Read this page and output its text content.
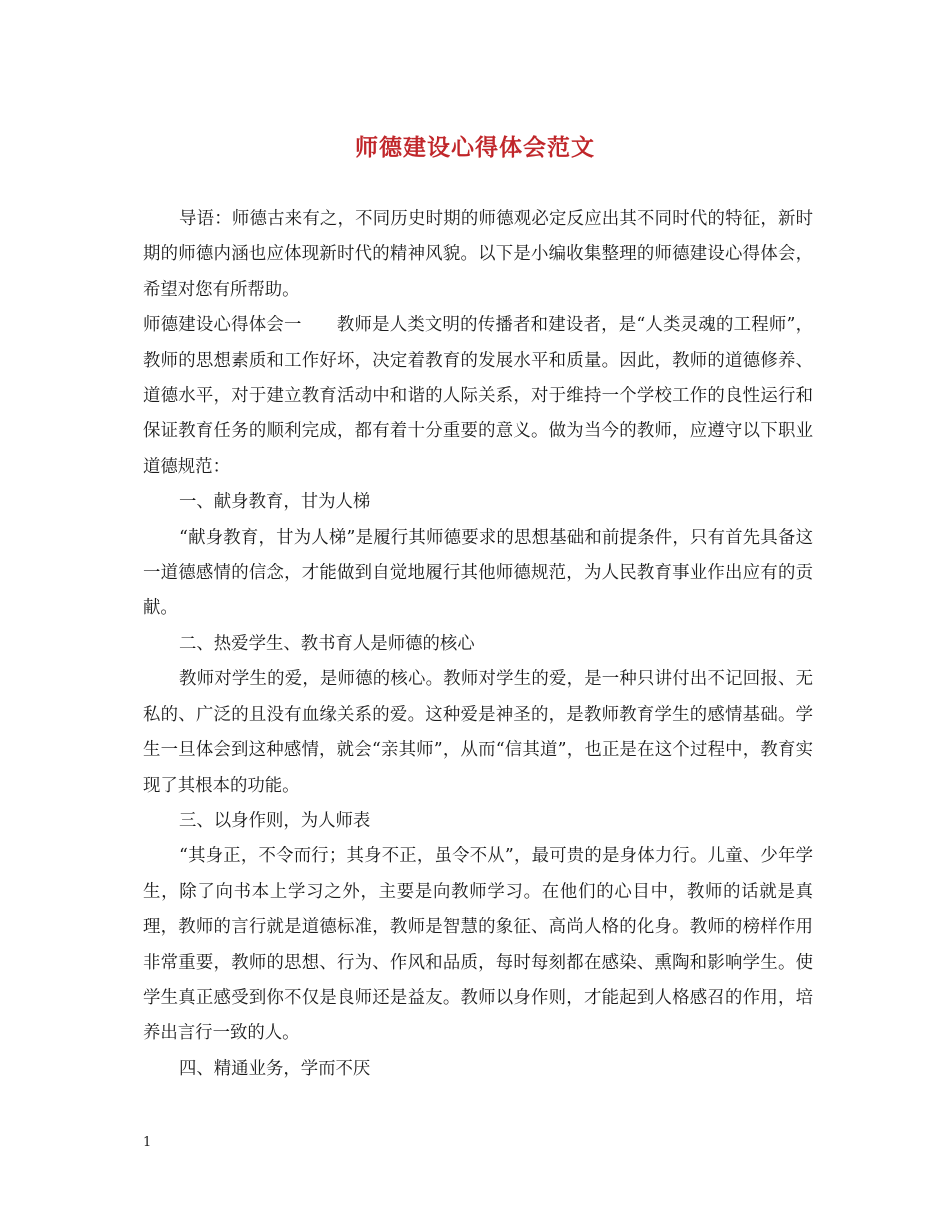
师德建设心得体会范文

导语：师德古来有之，不同历史时期的师德观必定反应出其不同时代的特征，新时期的师德内涵也应体现新时代的精神风貌。以下是小编收集整理的师德建设心得体会，希望对您有所帮助。

师德建设心得体会一　　教师是人类文明的传播者和建设者，是“人类灵魂的工程师”，教师的思想素质和工作好坏，决定着教育的发展水平和质量。因此，教师的道德修养、道德水平，对于建立教育活动中和谐的人际关系，对于维持一个学校工作的良性运行和保证教育任务的顺利完成，都有着十分重要的意义。做为当今的教师，应遵守以下职业道德规范：

一、献身教育，甘为人梯

“献身教育，甘为人梯”是履行其师德要求的思想基础和前提条件，只有首先具备这一道德感情的信念，才能做到自觉地履行其他师德规范，为人民教育事业作出应有的贡献。

二、热爱学生、教书育人是师德的核心

教师对学生的爱，是师德的核心。教师对学生的爱，是一种只讲付出不记回报、无私的、广泛的且没有血缘关系的爱。这种爱是神圣的，是教师教育学生的感情基础。学生一旦体会到这种感情，就会“亲其师”，从而“信其道”，也正是在这个过程中，教育实现了其根本的功能。

三、以身作则，为人师表

“其身正，不令而行；其身不正，虽令不从”，最可贵的是身体力行。儿童、少年学生，除了向书本上学习之外，主要是向教师学习。在他们的心目中，教师的话就是真理，教师的言行就是道德标准，教师是智慧的象征、高尚人格的化身。教师的榜样作用非常重要，教师的思想、行为、作风和品质，每时每刻都在感染、熏陶和影响学生。使学生真正感受到你不仅是良师还是益友。教师以身作则，才能起到人格感召的作用，培养出言行一致的人。

四、精通业务，学而不厌

1
